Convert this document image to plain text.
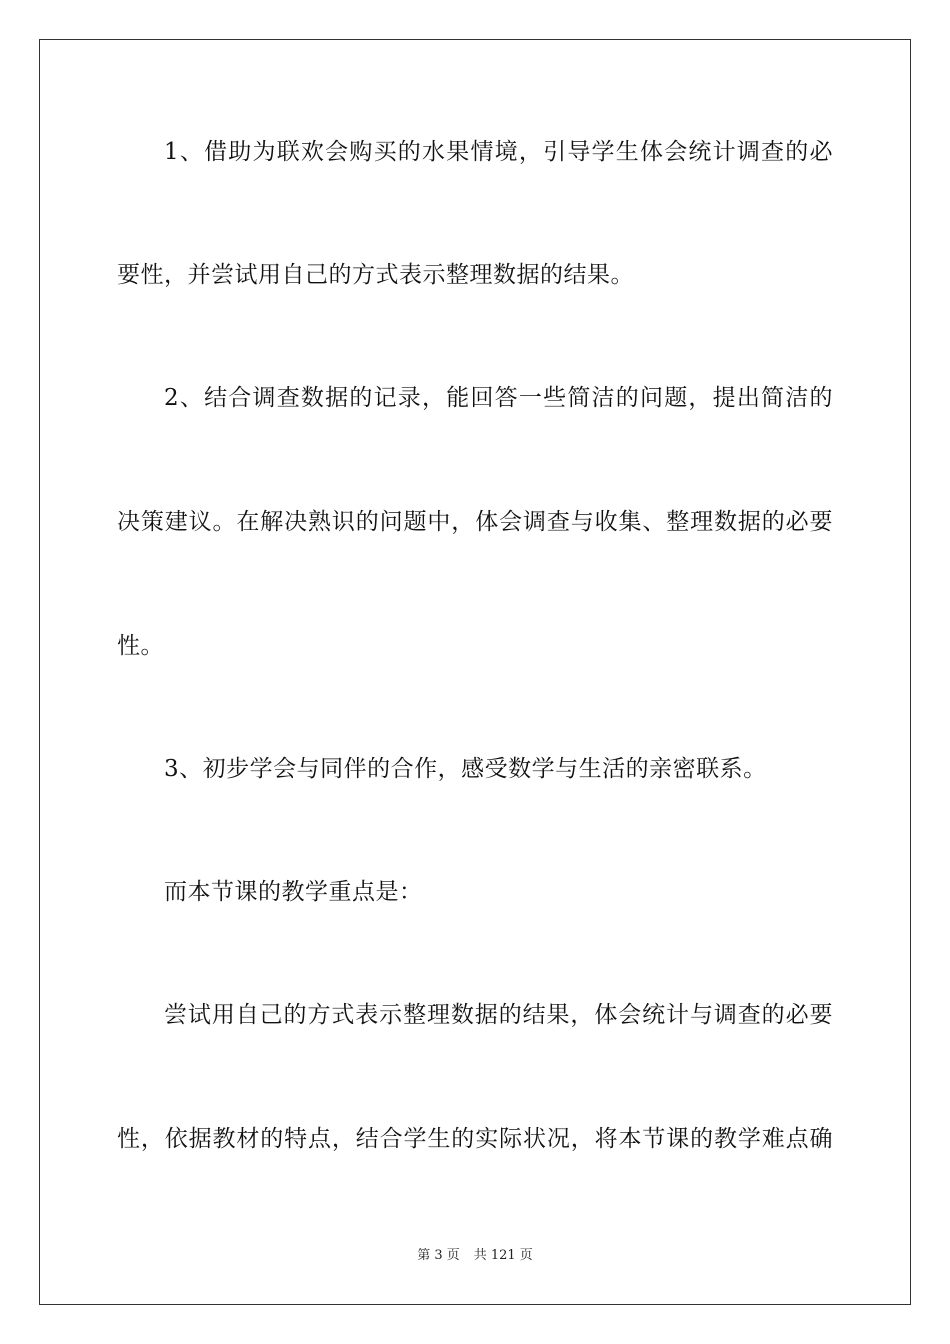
1、借助为联欢会购买的水果情境，引导学生体会统计调查的必
要性，并尝试用自己的方式表示整理数据的结果。
2、结合调查数据的记录，能回答一些简洁的问题，提出简洁的
决策建议。在解决熟识的问题中，体会调查与收集、整理数据的必要
性。
3、初步学会与同伴的合作，感受数学与生活的亲密联系。
而本节课的教学重点是：
尝试用自己的方式表示整理数据的结果，体会统计与调查的必要
性，依据教材的特点，结合学生的实际状况，将本节课的教学难点确
第 3 页 共 121 页
